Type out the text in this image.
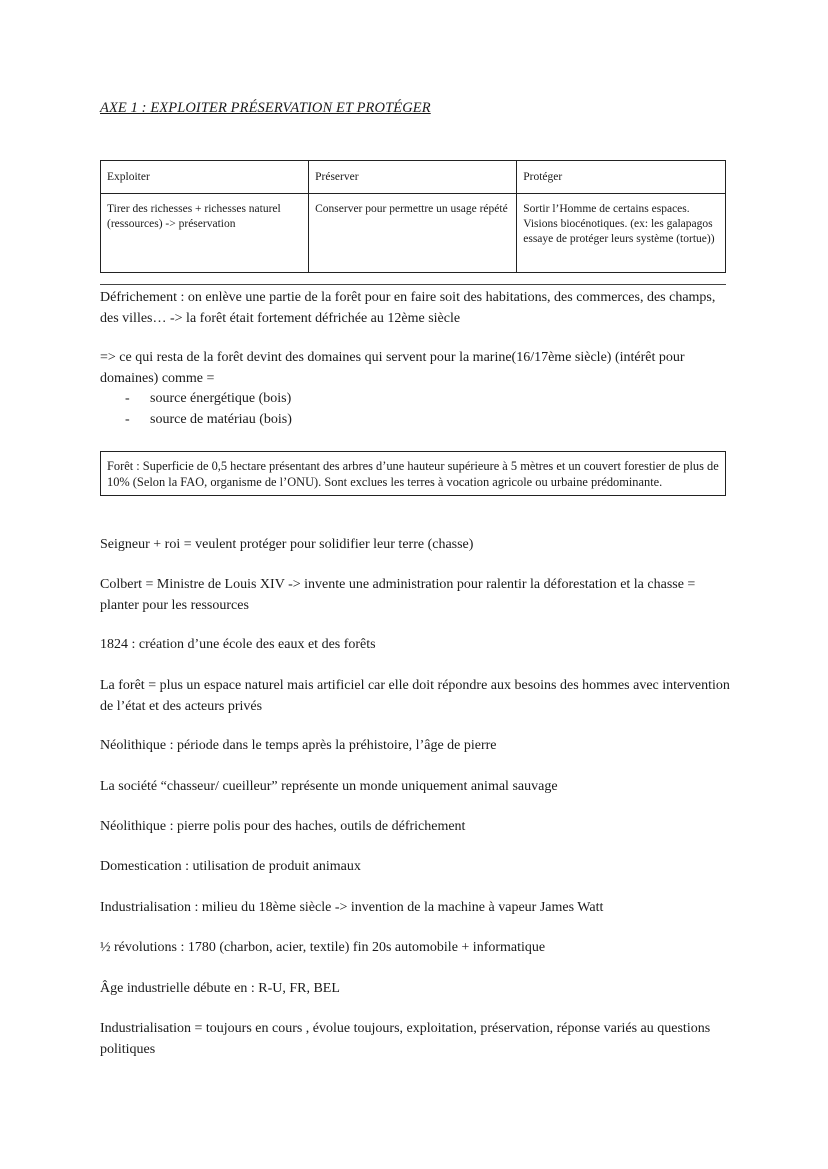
AXE 1 : EXPLOITER PRÉSERVATION ET PROTÉGER
Exploiter	Préserver	Protéger
Tirer des richesses + richesses naturel (ressources) -> préservation	Conserver pour permettre un usage répété	Sortir l’Homme de certains espaces. Visions biocénotiques. (ex: les galapagos essaye de protéger leurs système (tortue))
Défrichement : on enlève une partie de la forêt pour en faire soit des habitations, des commerces, des champs, des villes… -> la forêt était fortement défrichée au 12ème siècle
=> ce qui resta de la forêt devint des domaines qui servent pour la marine(16/17ème siècle) (intérêt pour domaines) comme =
- source énergétique (bois)
- source de matériau (bois)
Forêt : Superficie de 0,5 hectare présentant des arbres d’une hauteur supérieure à 5 mètres et un couvert forestier de plus de 10% (Selon la FAO, organisme de l’ONU). Sont exclues les terres à vocation agricole ou urbaine prédominante.
Seigneur + roi = veulent protéger pour solidifier leur terre (chasse)
Colbert = Ministre de Louis XIV -> invente une administration pour ralentir la déforestation et la chasse = planter pour les ressources
1824 : création d’une école des eaux et des forêts
La forêt = plus un espace naturel mais artificiel car elle doit répondre aux besoins des hommes avec intervention de l’état et des acteurs privés
Néolithique : période dans le temps après la préhistoire, l’âge de pierre
La société “chasseur/ cueilleur” représente un monde uniquement animal sauvage
Néolithique : pierre polis pour des haches, outils de défrichement
Domestication : utilisation de produit animaux
Industrialisation : milieu du 18ème siècle -> invention de la machine à vapeur James Watt
½ révolutions : 1780 (charbon, acier, textile) fin 20s automobile + informatique
Âge industrielle débute en : R-U, FR, BEL
Industrialisation = toujours en cours , évolue toujours, exploitation, préservation, réponse variés au questions politiques
